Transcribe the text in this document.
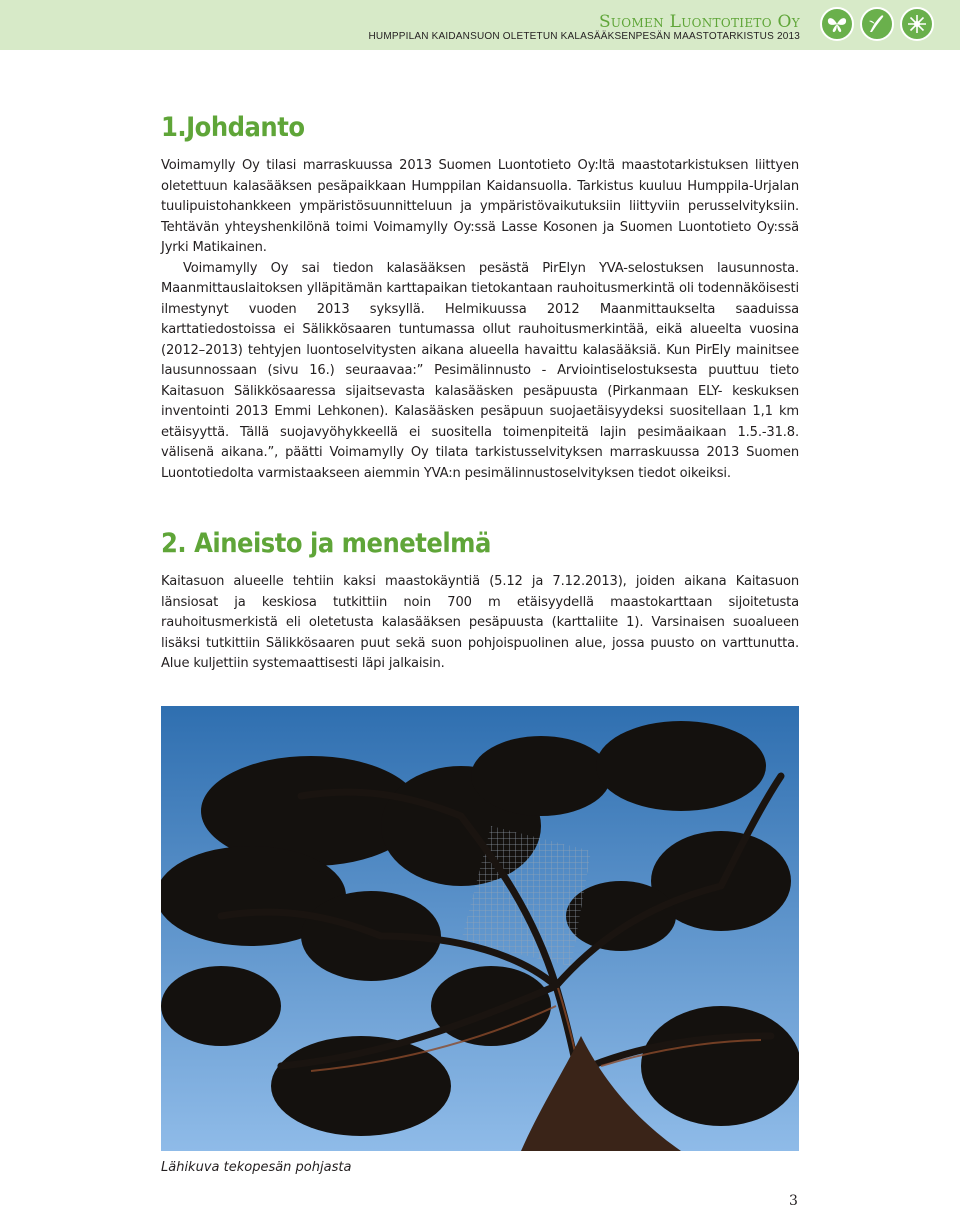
Suomen Luontotieto Oy
HUMPPILAN KAIDANSUON OLETETUN KALASÄÄKSENPESÄN MAASTOTARKISTUS 2013
1.Johdanto

Voimamylly Oy tilasi marraskuussa 2013 Suomen Luontotieto Oy:ltä maastotarkistuksen liittyen oletettuun kalasääksen pesäpaikkaan Humppilan Kaidansuolla. Tarkistus kuuluu Humppila-Urjalan tuulipuistohankkeen ympäristösuunnitteluun ja ympäristövaikutuksiin liittyviin perusselvityksiin. Tehtävän yhteyshenkilönä toimi Voimamylly Oy:ssä Lasse Kosonen ja Suomen Luontotieto Oy:ssä Jyrki Matikainen.

Voimamylly Oy sai tiedon kalasääksen pesästä PirElyn YVA-selostuksen lausunnosta. Maanmittauslaitoksen ylläpitämän karttapaikan tietokantaan rauhoitusmerkintä oli todennäköisesti ilmestynyt vuoden 2013 syksyllä. Helmikuussa 2012 Maanmittaukselta saaduissa karttatiedostoissa ei Sälikkösaaren tuntumassa ollut rauhoitusmerkintää, eikä alueelta vuosina (2012–2013) tehtyjen luontoselvitysten aikana alueella havaittu kalasääksiä. Kun PirEly mainitsee lausunnossaan (sivu 16.) seuraavaa:” Pesimälinnusto - Arviointiselostuksesta puuttuu tieto Kaitasuon Sälikkösaaressa sijaitsevasta kalasääsken pesäpuusta (Pirkanmaan ELY- keskuksen inventointi 2013 Emmi Lehkonen). Kalasääsken pesäpuun suojaetäisyydeksi suositellaan 1,1 km etäisyyttä. Tällä suojavyöhykkeellä ei suositella toimenpiteitä lajin pesimäaikaan 1.5.-31.8. välisenä aikana.”, päätti Voimamylly Oy tilata tarkistusselvityksen marraskuussa 2013 Suomen Luontotiedolta varmistaakseen aiemmin YVA:n pesimälinnustoselvityksen tiedot oikeiksi.

2. Aineisto ja menetelmä

Kaitasuon alueelle tehtiin kaksi maastokäyntiä (5.12 ja 7.12.2013), joiden aikana Kaitasuon länsiosat ja keskiosa tutkittiin noin 700 m etäisyydellä maastokarttaan sijoitetusta rauhoitusmerkistä eli oletetusta kalasääksen pesäpuusta (karttaliite 1). Varsinaisen suoalueen lisäksi tutkittiin Sälikkösaaren puut sekä suon pohjoispuolinen alue, jossa puusto on varttunutta. Alue kuljettiin systemaattisesti läpi jalkaisin.

Lähikuva tekopesän pohjasta
3
